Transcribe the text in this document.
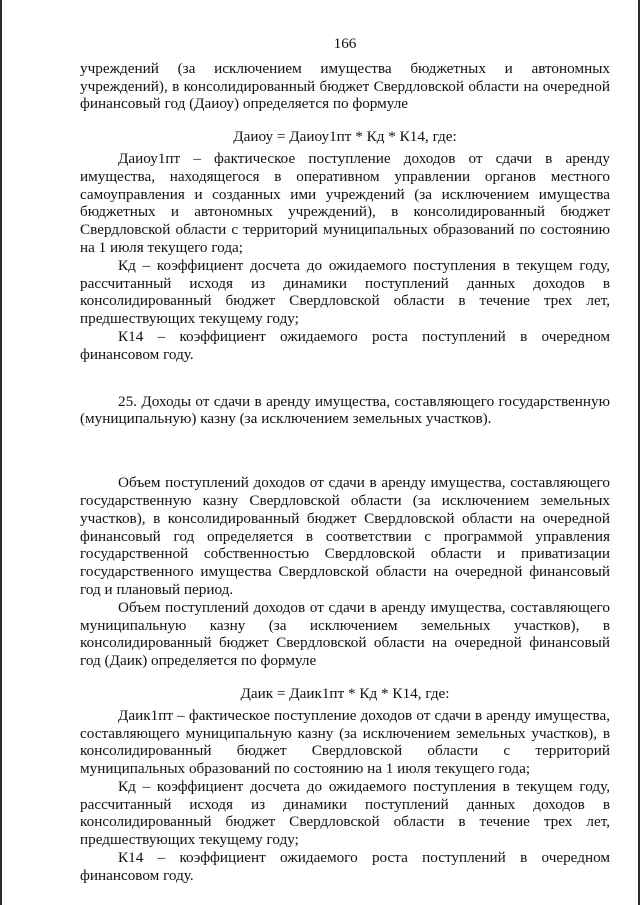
166

учреждений (за исключением имущества бюджетных и автономных учреждений), в консолидированный бюджет Свердловской области на очередной финансовый год (Даиоу) определяется по формуле

Даиоу = Даиоу1пт * Кд * К14, где:

Даиоу1пт – фактическое поступление доходов от сдачи в аренду имущества, находящегося в оперативном управлении органов местного самоуправления и созданных ими учреждений (за исключением имущества бюджетных и автономных учреждений), в консолидированный бюджет Свердловской области с территорий муниципальных образований по состоянию на 1 июля текущего года;

Кд – коэффициент досчета до ожидаемого поступления в текущем году, рассчитанный исходя из динамики поступлений данных доходов в консолидированный бюджет Свердловской области в течение трех лет, предшествующих текущему году;

К14 – коэффициент ожидаемого роста поступлений в очередном финансовом году.

25. Доходы от сдачи в аренду имущества, составляющего государственную (муниципальную) казну (за исключением земельных участков).

Объем поступлений доходов от сдачи в аренду имущества, составляющего государственную казну Свердловской области (за исключением земельных участков), в консолидированный бюджет Свердловской области на очередной финансовый год определяется в соответствии с программой управления государственной собственностью Свердловской области и приватизации государственного имущества Свердловской области на очередной финансовый год и плановый период.

Объем поступлений доходов от сдачи в аренду имущества, составляющего муниципальную казну (за исключением земельных участков), в консолидированный бюджет Свердловской области на очередной финансовый год (Даик) определяется по формуле

Даик = Даик1пт * Кд * К14, где:

Даик1пт – фактическое поступление доходов от сдачи в аренду имущества, составляющего муниципальную казну (за исключением земельных участков), в консолидированный бюджет Свердловской области с территорий муниципальных образований по состоянию на 1 июля текущего года;

Кд – коэффициент досчета до ожидаемого поступления в текущем году, рассчитанный исходя из динамики поступлений данных доходов в консолидированный бюджет Свердловской области в течение трех лет, предшествующих текущему году;

К14 – коэффициент ожидаемого роста поступлений в очередном финансовом году.
